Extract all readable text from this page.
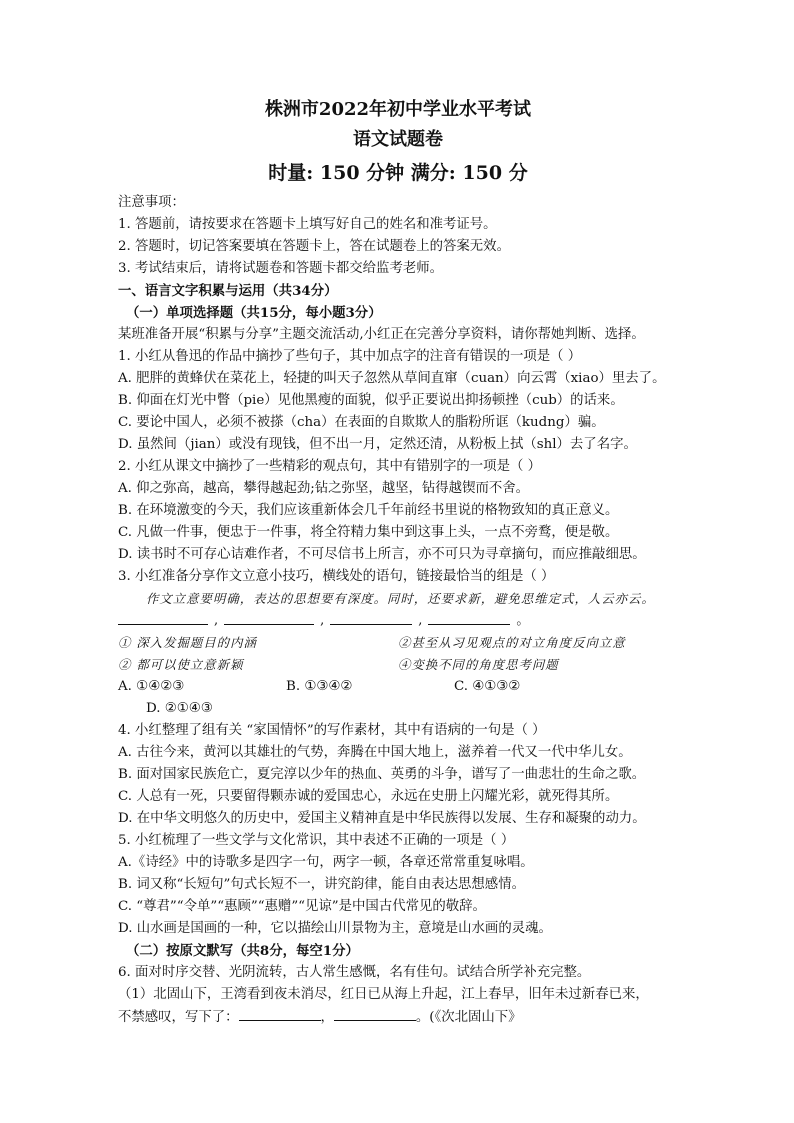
株洲市2022年初中学业水平考试
语文试题卷
时量: 150 分钟 满分: 150 分
注意事项：
1. 答题前，请按要求在答题卡上填写好自己的姓名和准考证号。
2. 答题时，切记答案要填在答题卡上，答在试题卷上的答案无效。
3. 考试结束后，请将试题卷和答题卡都交给监考老师。
一、语言文字积累与运用（共34分）
（一）单项选择题（共15分，每小题3分）
某班准备开展“积累与分享”主题交流活动,小红正在完善分享资料，请你帮她判断、选择。
1. 小红从鲁迅的作品中摘抄了些句子，其中加点字的注音有错误的一项是（ ）
A. 肥胖的黄蜂伏在菜花上，轻捷的叫天子忽然从草间直窜（cuan）向云霄（xiao）里去了。
B. 仰面在灯光中瞥（pie）见他黑瘦的面貌，似乎正要说出抑扬顿挫（cub）的话来。
C. 要论中国人，必须不被搽（cha）在表面的自欺欺人的脂粉所诓（kudng）骗。
D. 虽然间（jian）或没有现钱，但不出一月，定然还清，从粉板上拭（shl）去了名字。
2. 小红从课文中摘抄了一些精彩的观点句，其中有错别字的一项是（ ）
A. 仰之弥高，越高，攀得越起劲;钻之弥坚，越坚，钻得越锲而不舍。
B. 在环境激变的今天，我们应该重新体会几千年前经书里说的格物致知的真正意义。
C. 凡做一件事，便忠于一件事，将全符精力集中到这事上头，一点不旁鹜，便是敬。
D. 读书时不可存心诘难作者，不可尽信书上所言，亦不可只为寻章摘句，而应推敲细思。
3. 小红准备分享作文立意小技巧，横线处的语句，链接最恰当的组是（ ）
作文立意要明确，表达的思想要有深度。同时，还要求新，避免思维定式，人云亦云。
,	,	,	。
① 深入发掘题目的内涵	②甚至从习见观点的对立角度反向立意
② 都可以使立意新颖	④变换不同的角度思考问题
A. ①④②③	B. ①③④②	C. ④①③②
D. ②①④③
4. 小红整理了组有关 “家国情怀”的写作素材，其中有语病的一句是（ ）
A. 古往今来，黄河以其雄壮的气势，奔腾在中国大地上，滋养着一代又一代中华儿女。
B. 面对国家民族危亡，夏完淳以少年的热血、英勇的斗争，谱写了一曲悲壮的生命之歌。
C. 人总有一死，只要留得颗赤诚的爱国忠心，永远在史册上闪耀光彩，就死得其所。
D. 在中华文明悠久的历史中，爱国主义精神直是中华民族得以发展、生存和凝聚的动力。
5. 小红梳理了一些文学与文化常识，其中表述不正确的一项是（ ）
A.《诗经》中的诗歌多是四字一句，两字一顿，各章还常常重复咏唱。
B. 词又称“长短句”句式长短不一，讲究韵律，能自由表达思想感情。
C. “尊君”“令单”“惠顾”“惠赠”“见谅”是中国古代常见的敬辞。
D. 山水画是国画的一种，它以描绘山川景物为主，意境是山水画的灵魂。
（二）按原文默写（共8分，每空1分）
6. 面对时序交替、光阴流转，古人常生感慨，名有佳句。试结合所学补充完整。
（1）北固山下，王湾看到夜未消尽，红日已从海上升起，江上春早，旧年未过新春已来，
不禁感叹，写下了：	，	。(《次北固山下》
